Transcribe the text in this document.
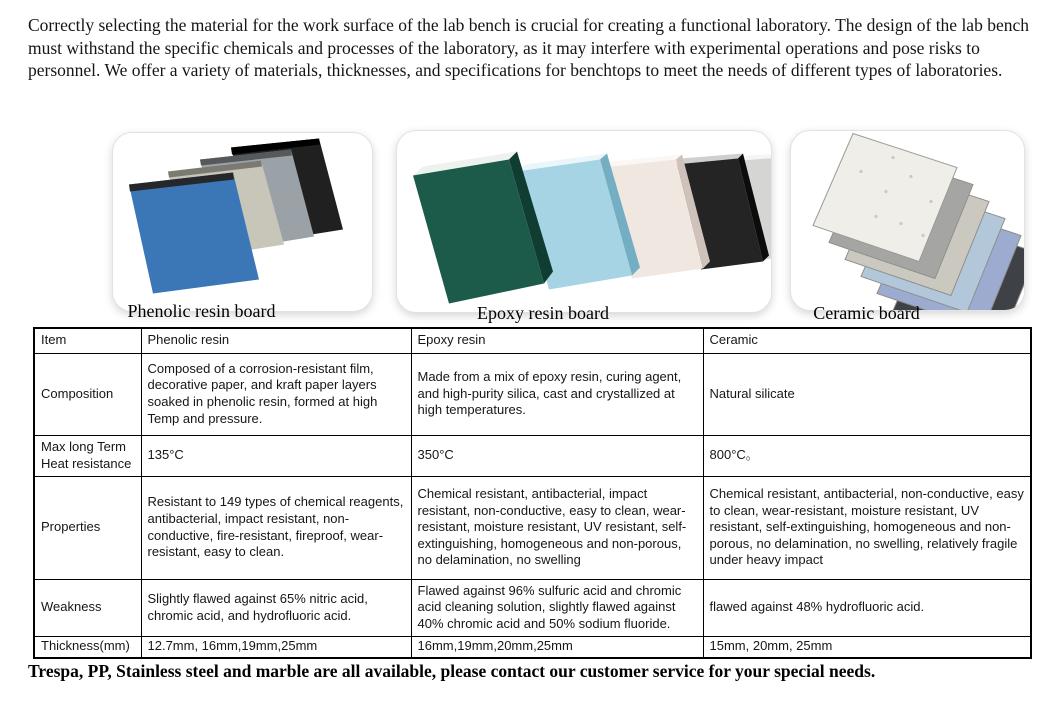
Correctly selecting the material for the work surface of the lab bench is crucial for creating a functional laboratory. The design of the lab bench must withstand the specific chemicals and processes of the laboratory, as it may interfere with experimental operations and pose risks to personnel. We offer a variety of materials, thicknesses, and specifications for benchtops to meet the needs of different types of laboratories.

Phenolic resin board	Epoxy resin board	Ceramic board

Item	Phenolic resin	Epoxy resin	Ceramic
Composition	Composed of a corrosion-resistant film, decorative paper, and kraft paper layers soaked in phenolic resin, formed at high Temp and pressure.	Made from a mix of epoxy resin, curing agent, and high-purity silica, cast and crystallized at high temperatures.	Natural silicate
Max long Term Heat resistance	135°C	350°C	800°C。
Properties	Resistant to 149 types of chemical reagents, antibacterial, impact resistant, non-conductive, fire-resistant, fireproof, wear-resistant, easy to clean.	Chemical resistant, antibacterial, impact resistant, non-conductive, easy to clean, wear-resistant, moisture resistant, UV resistant, self-extinguishing, homogeneous and non-porous, no delamination, no swelling	Chemical resistant, antibacterial, non-conductive, easy to clean, wear-resistant, moisture resistant, UV resistant, self-extinguishing, homogeneous and non-porous, no delamination, no swelling, relatively fragile under heavy impact
Weakness	Slightly flawed against 65% nitric acid, chromic acid, and hydrofluoric acid.	Flawed against 96% sulfuric acid and chromic acid cleaning solution, slightly flawed against 40% chromic acid and 50% sodium fluoride.	flawed against 48% hydrofluoric acid.
Thickness(mm)	12.7mm, 16mm,19mm,25mm	16mm,19mm,20mm,25mm	15mm, 20mm, 25mm

Trespa, PP, Stainless steel and marble are all available, please contact our customer service for your special needs.
